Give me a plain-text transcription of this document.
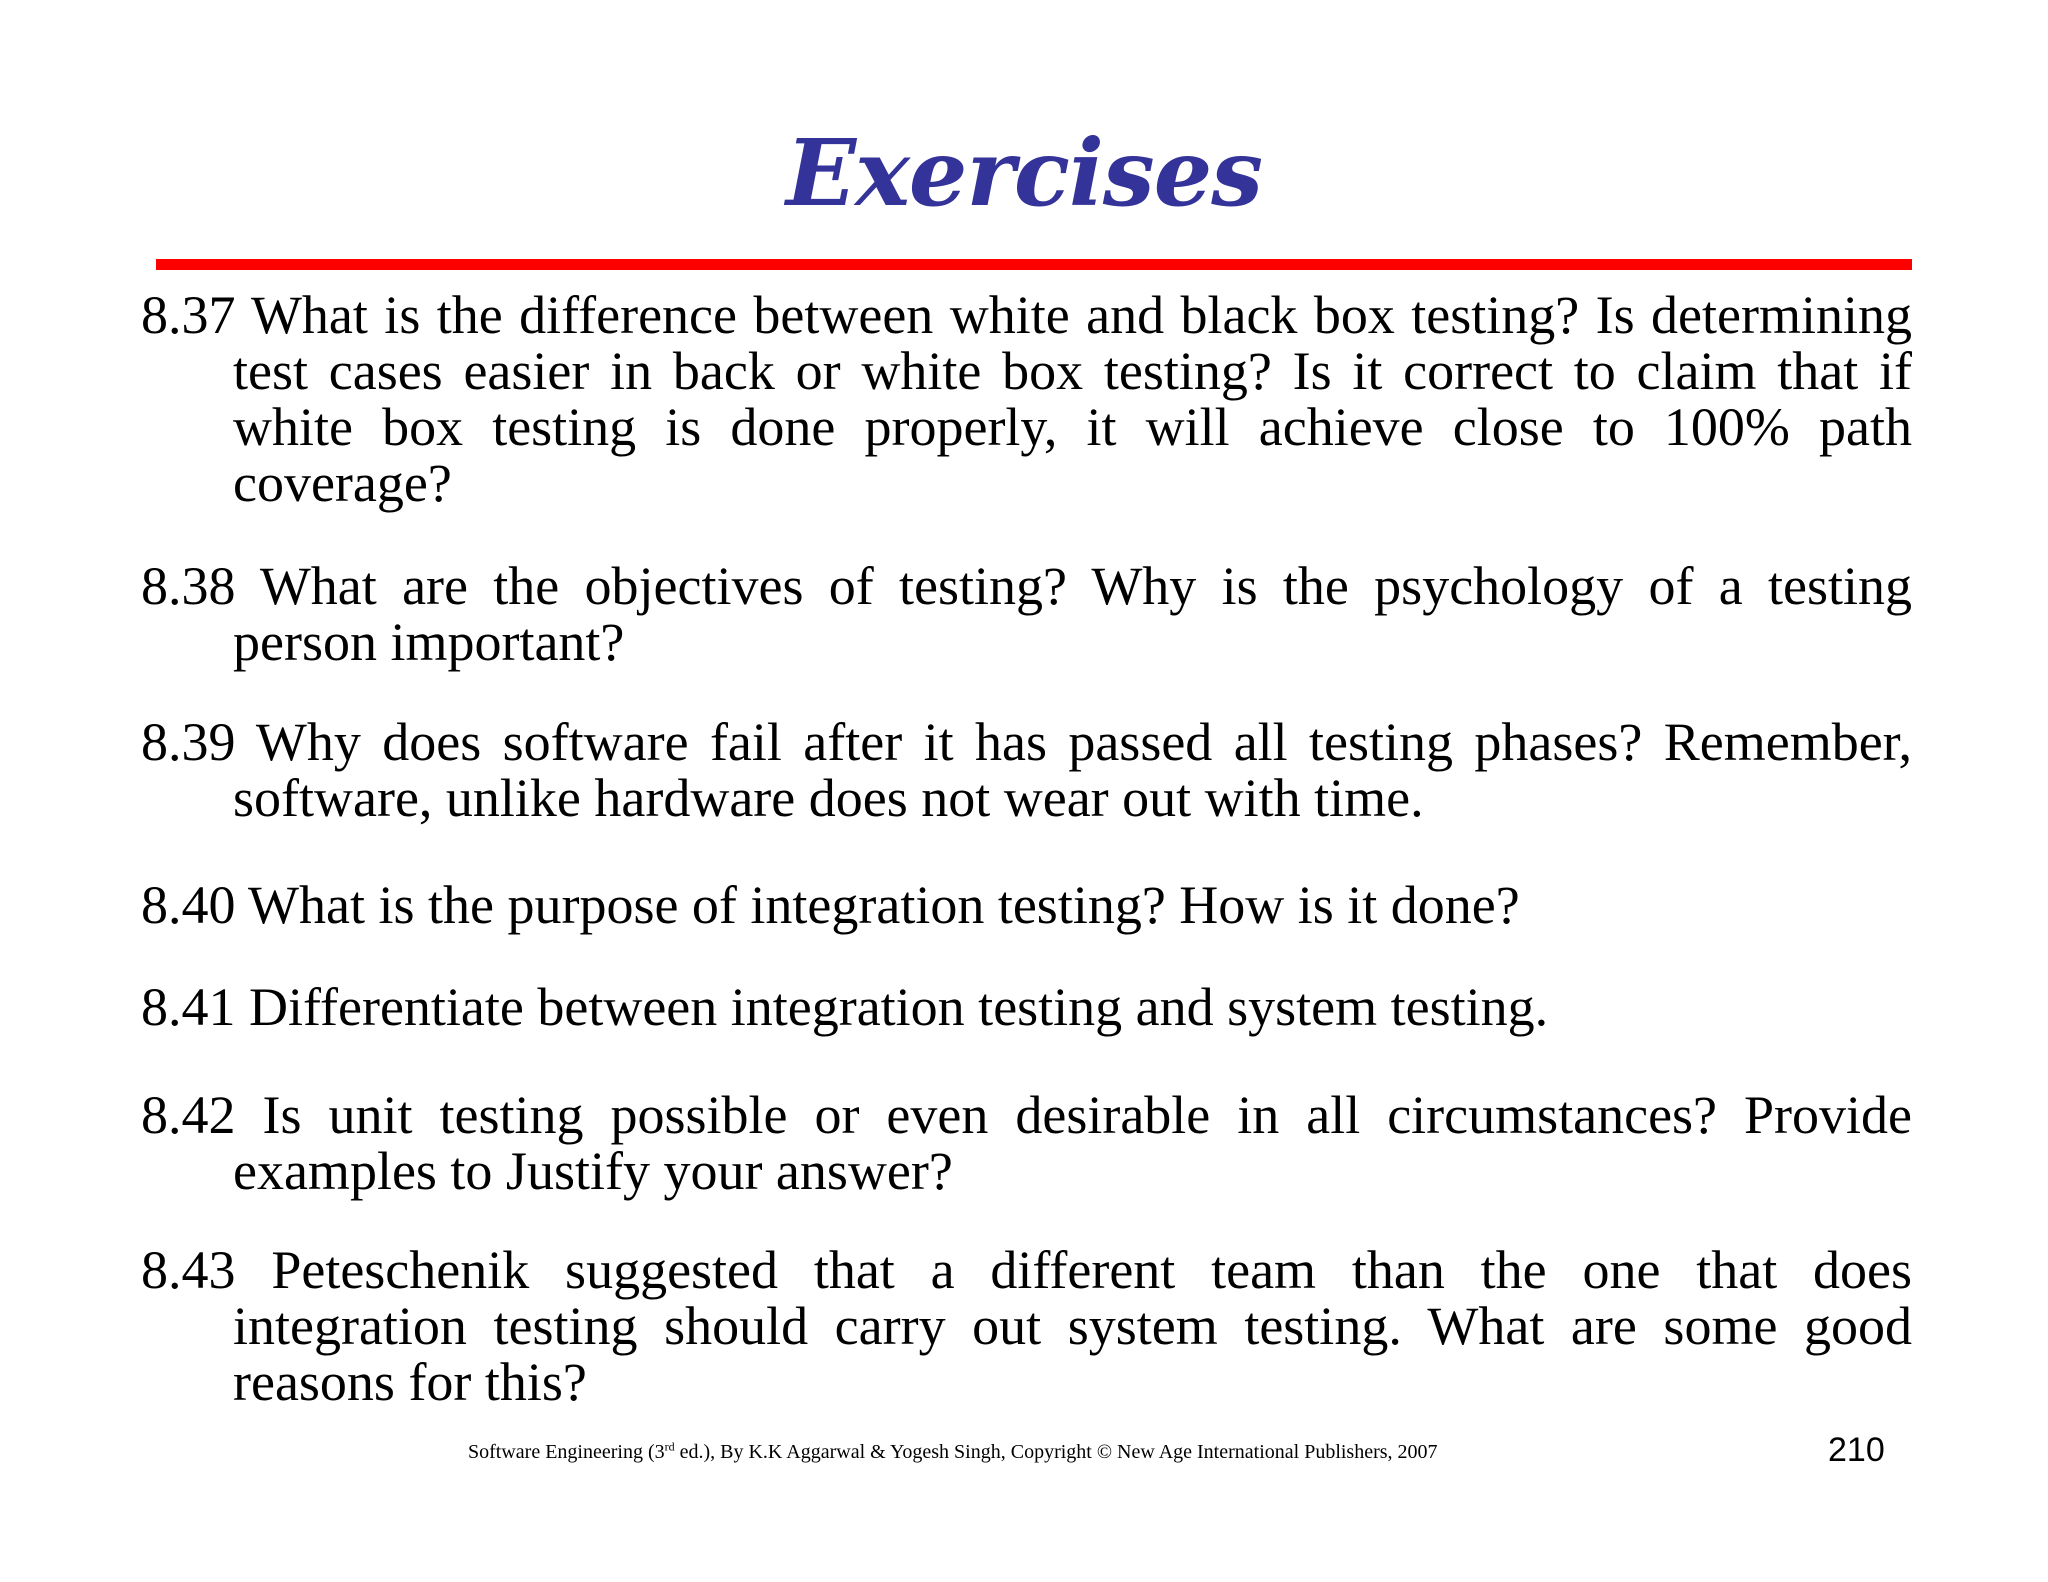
Exercises
8.37 What is the difference between white and black box testing? Is determining test cases easier in back or white box testing? Is it correct to claim that if white box testing is done properly, it will achieve close to 100% path coverage?
8.38 What are the objectives of testing? Why is the psychology of a testing person important?
8.39 Why does software fail after it has passed all testing phases? Remember, software, unlike hardware does not wear out with time.
8.40 What is the purpose of integration testing? How is it done?
8.41 Differentiate between integration testing and system testing.
8.42 Is unit testing possible or even desirable in all circumstances? Provide examples to Justify your answer?
8.43 Peteschenik suggested that a different team than the one that does integration testing should carry out system testing. What are some good reasons for this?
Software Engineering (3rd ed.), By K.K Aggarwal & Yogesh Singh, Copyright © New Age International Publishers, 2007	210
